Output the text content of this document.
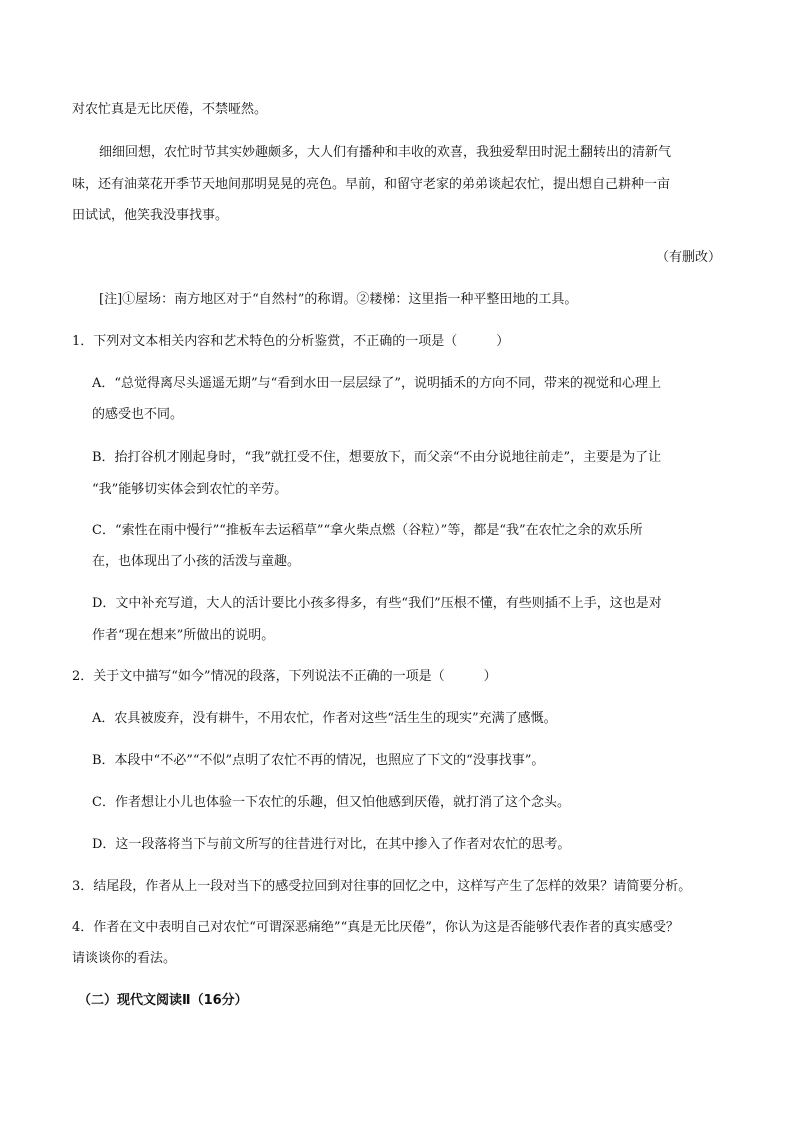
对农忙真是无比厌倦，不禁哑然。
细细回想，农忙时节其实妙趣颇多，大人们有播种和丰收的欢喜，我独爱犁田时泥土翻转出的清新气
味，还有油菜花开季节天地间那明晃晃的亮色。早前，和留守老家的弟弟谈起农忙，提出想自己耕种一亩
田试试，他笑我没事找事。
（有删改）
[注]①屋场：南方地区对于“自然村”的称谓。②耧梯：这里指一种平整田地的工具。
1．下列对文本相关内容和艺术特色的分析鉴赏，不正确的一项是（　　　）
A．“总觉得离尽头遥遥无期”与“看到水田一层层绿了”，说明插禾的方向不同，带来的视觉和心理上
的感受也不同。
B．抬打谷机才刚起身时，“我”就扛受不住，想要放下，而父亲“不由分说地往前走”，主要是为了让
“我”能够切实体会到农忙的辛劳。
C．“索性在雨中慢行”“推板车去运稻草”“拿火柴点燃（谷粒）”等，都是“我”在农忙之余的欢乐所
在，也体现出了小孩的活泼与童趣。
D．文中补充写道，大人的活计要比小孩多得多，有些“我们”压根不懂，有些则插不上手，这也是对
作者“现在想来”所做出的说明。
2．关于文中描写“如今”情况的段落，下列说法不正确的一项是（　　　）
A．农具被废弃，没有耕牛，不用农忙，作者对这些“活生生的现实”充满了感慨。
B．本段中“不必”“不似”点明了农忙不再的情况，也照应了下文的“没事找事”。
C．作者想让小儿也体验一下农忙的乐趣，但又怕他感到厌倦，就打消了这个念头。
D．这一段落将当下与前文所写的往昔进行对比，在其中掺入了作者对农忙的思考。
3．结尾段，作者从上一段对当下的感受拉回到对往事的回忆之中，这样写产生了怎样的效果？请简要分析。
4．作者在文中表明自己对农忙“可谓深恶痛绝”“真是无比厌倦”，你认为这是否能够代表作者的真实感受？
请谈谈你的看法。
（二）现代文阅读Ⅱ（16分）
